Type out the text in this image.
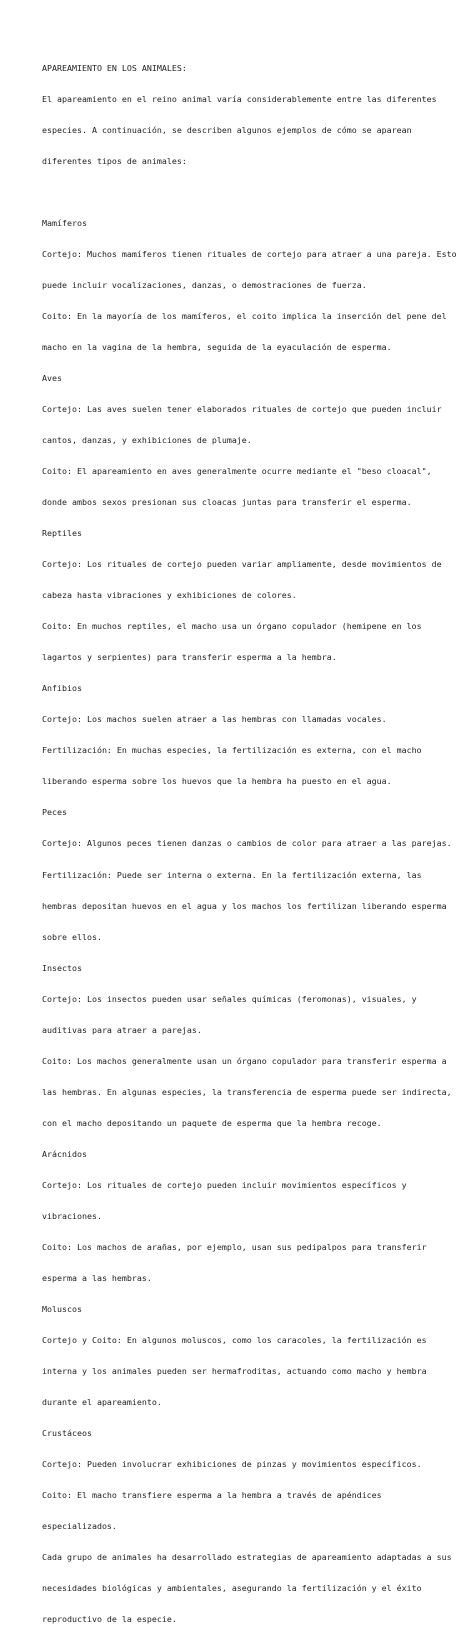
APAREAMIENTO EN LOS ANIMALES:

El apareamiento en el reino animal varía considerablemente entre las diferentes

especies. A continuación, se describen algunos ejemplos de cómo se aparean

diferentes tipos de animales:

Mamíferos

Cortejo: Muchos mamíferos tienen rituales de cortejo para atraer a una pareja. Esto

puede incluir vocalizaciones, danzas, o demostraciones de fuerza.

Coito: En la mayoría de los mamíferos, el coito implica la inserción del pene del

macho en la vagina de la hembra, seguida de la eyaculación de esperma.

Aves

Cortejo: Las aves suelen tener elaborados rituales de cortejo que pueden incluir

cantos, danzas, y exhibiciones de plumaje.

Coito: El apareamiento en aves generalmente ocurre mediante el "beso cloacal",

donde ambos sexos presionan sus cloacas juntas para transferir el esperma.

Reptiles

Cortejo: Los rituales de cortejo pueden variar ampliamente, desde movimientos de

cabeza hasta vibraciones y exhibiciones de colores.

Coito: En muchos reptiles, el macho usa un órgano copulador (hemipene en los

lagartos y serpientes) para transferir esperma a la hembra.

Anfibios

Cortejo: Los machos suelen atraer a las hembras con llamadas vocales.

Fertilización: En muchas especies, la fertilización es externa, con el macho

liberando esperma sobre los huevos que la hembra ha puesto en el agua.

Peces

Cortejo: Algunos peces tienen danzas o cambios de color para atraer a las parejas.

Fertilización: Puede ser interna o externa. En la fertilización externa, las

hembras depositan huevos en el agua y los machos los fertilizan liberando esperma

sobre ellos.

Insectos

Cortejo: Los insectos pueden usar señales químicas (feromonas), visuales, y

auditivas para atraer a parejas.

Coito: Los machos generalmente usan un órgano copulador para transferir esperma a

las hembras. En algunas especies, la transferencia de esperma puede ser indirecta,

con el macho depositando un paquete de esperma que la hembra recoge.

Arácnidos

Cortejo: Los rituales de cortejo pueden incluir movimientos específicos y

vibraciones.

Coito: Los machos de arañas, por ejemplo, usan sus pedipalpos para transferir

esperma a las hembras.

Moluscos

Cortejo y Coito: En algunos moluscos, como los caracoles, la fertilización es

interna y los animales pueden ser hermafroditas, actuando como macho y hembra

durante el apareamiento.

Crustáceos

Cortejo: Pueden involucrar exhibiciones de pinzas y movimientos específicos.

Coito: El macho transfiere esperma a la hembra a través de apéndices

especializados.

Cada grupo de animales ha desarrollado estrategias de apareamiento adaptadas a sus

necesidades biológicas y ambientales, asegurando la fertilización y el éxito

reproductivo de la especie.
